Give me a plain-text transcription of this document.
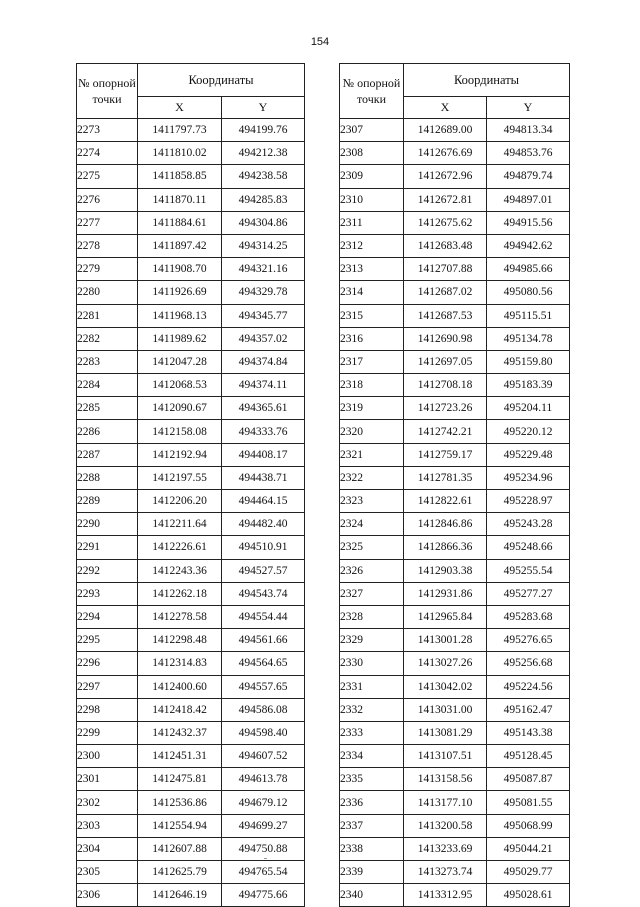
154
№ опорной точки	Координаты	
	X	Y
2273	1411797.73	494199.76
2274	1411810.02	494212.38
2275	1411858.85	494238.58
2276	1411870.11	494285.83
2277	1411884.61	494304.86
2278	1411897.42	494314.25
2279	1411908.70	494321.16
2280	1411926.69	494329.78
2281	1411968.13	494345.77
2282	1411989.62	494357.02
2283	1412047.28	494374.84
2284	1412068.53	494374.11
2285	1412090.67	494365.61
2286	1412158.08	494333.76
2287	1412192.94	494408.17
2288	1412197.55	494438.71
2289	1412206.20	494464.15
2290	1412211.64	494482.40
2291	1412226.61	494510.91
2292	1412243.36	494527.57
2293	1412262.18	494543.74
2294	1412278.58	494554.44
2295	1412298.48	494561.66
2296	1412314.83	494564.65
2297	1412400.60	494557.65
2298	1412418.42	494586.08
2299	1412432.37	494598.40
2300	1412451.31	494607.52
2301	1412475.81	494613.78
2302	1412536.86	494679.12
2303	1412554.94	494699.27
2304	1412607.88	494750.88
2305	1412625.79	494765.54
2306	1412646.19	494775.66
№ опорной точки	Координаты	
	X	Y
2307	1412689.00	494813.34
2308	1412676.69	494853.76
2309	1412672.96	494879.74
2310	1412672.81	494897.01
2311	1412675.62	494915.56
2312	1412683.48	494942.62
2313	1412707.88	494985.66
2314	1412687.02	495080.56
2315	1412687.53	495115.51
2316	1412690.98	495134.78
2317	1412697.05	495159.80
2318	1412708.18	495183.39
2319	1412723.26	495204.11
2320	1412742.21	495220.12
2321	1412759.17	495229.48
2322	1412781.35	495234.96
2323	1412822.61	495228.97
2324	1412846.86	495243.28
2325	1412866.36	495248.66
2326	1412903.38	495255.54
2327	1412931.86	495277.27
2328	1412965.84	495283.68
2329	1413001.28	495276.65
2330	1413027.26	495256.68
2331	1413042.02	495224.56
2332	1413031.00	495162.47
2333	1413081.29	495143.38
2334	1413107.51	495128.45
2335	1413158.56	495087.87
2336	1413177.10	495081.55
2337	1413200.58	495068.99
2338	1413233.69	495044.21
2339	1413273.74	495029.77
2340	1413312.95	495028.61
